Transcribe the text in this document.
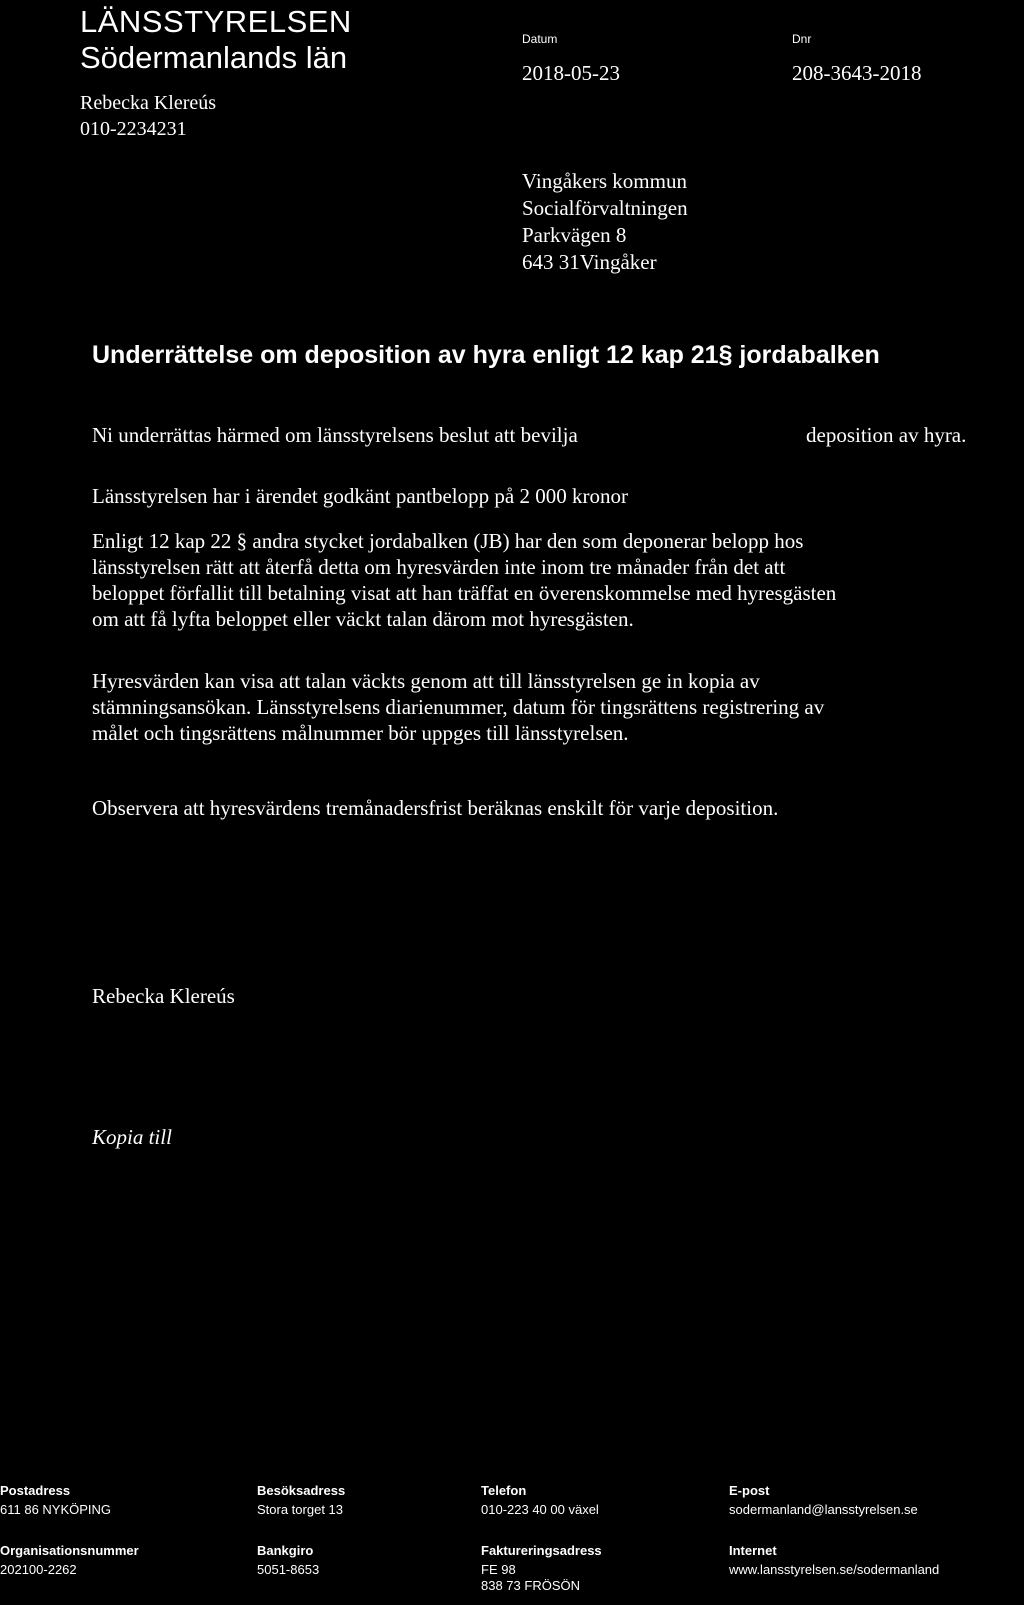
LÄNSSTYRELSEN
Södermanlands län
Rebecka Klereús
010-2234231
Datum
2018-05-23
Dnr
208-3643-2018
Vingåkers kommun
Socialförvaltningen
Parkvägen 8
643 31Vingåker
Underrättelse om deposition av hyra enligt 12 kap 21§ jordabalken
Ni underrättas härmed om länsstyrelsens beslut att bevilja	deposition av hyra.
Länsstyrelsen har i ärendet godkänt pantbelopp på 2 000 kronor
Enligt 12 kap 22 § andra stycket jordabalken (JB) har den som deponerar belopp hos
länsstyrelsen rätt att återfå detta om hyresvärden inte inom tre månader från det att
beloppet förfallit till betalning visat att han träffat en överenskommelse med hyresgästen
om att få lyfta beloppet eller väckt talan därom mot hyresgästen.
Hyresvärden kan visa att talan väckts genom att till länsstyrelsen ge in kopia av
stämningsansökan. Länsstyrelsens diarienummer, datum för tingsrättens registrering av
målet och tingsrättens målnummer bör uppges till länsstyrelsen.
Observera att hyresvärdens tremånadersfrist beräknas enskilt för varje deposition.
Rebecka Klereús
Kopia till
Postadress
611 86 NYKÖPING
Besöksadress
Stora torget 13
Telefon
010-223 40 00 växel
E-post
sodermanland@lansstyrelsen.se
Organisationsnummer
202100-2262
Bankgiro
5051-8653
Faktureringsadress
FE 98
838 73 FRÖSÖN
Internet
www.lansstyrelsen.se/sodermanland
